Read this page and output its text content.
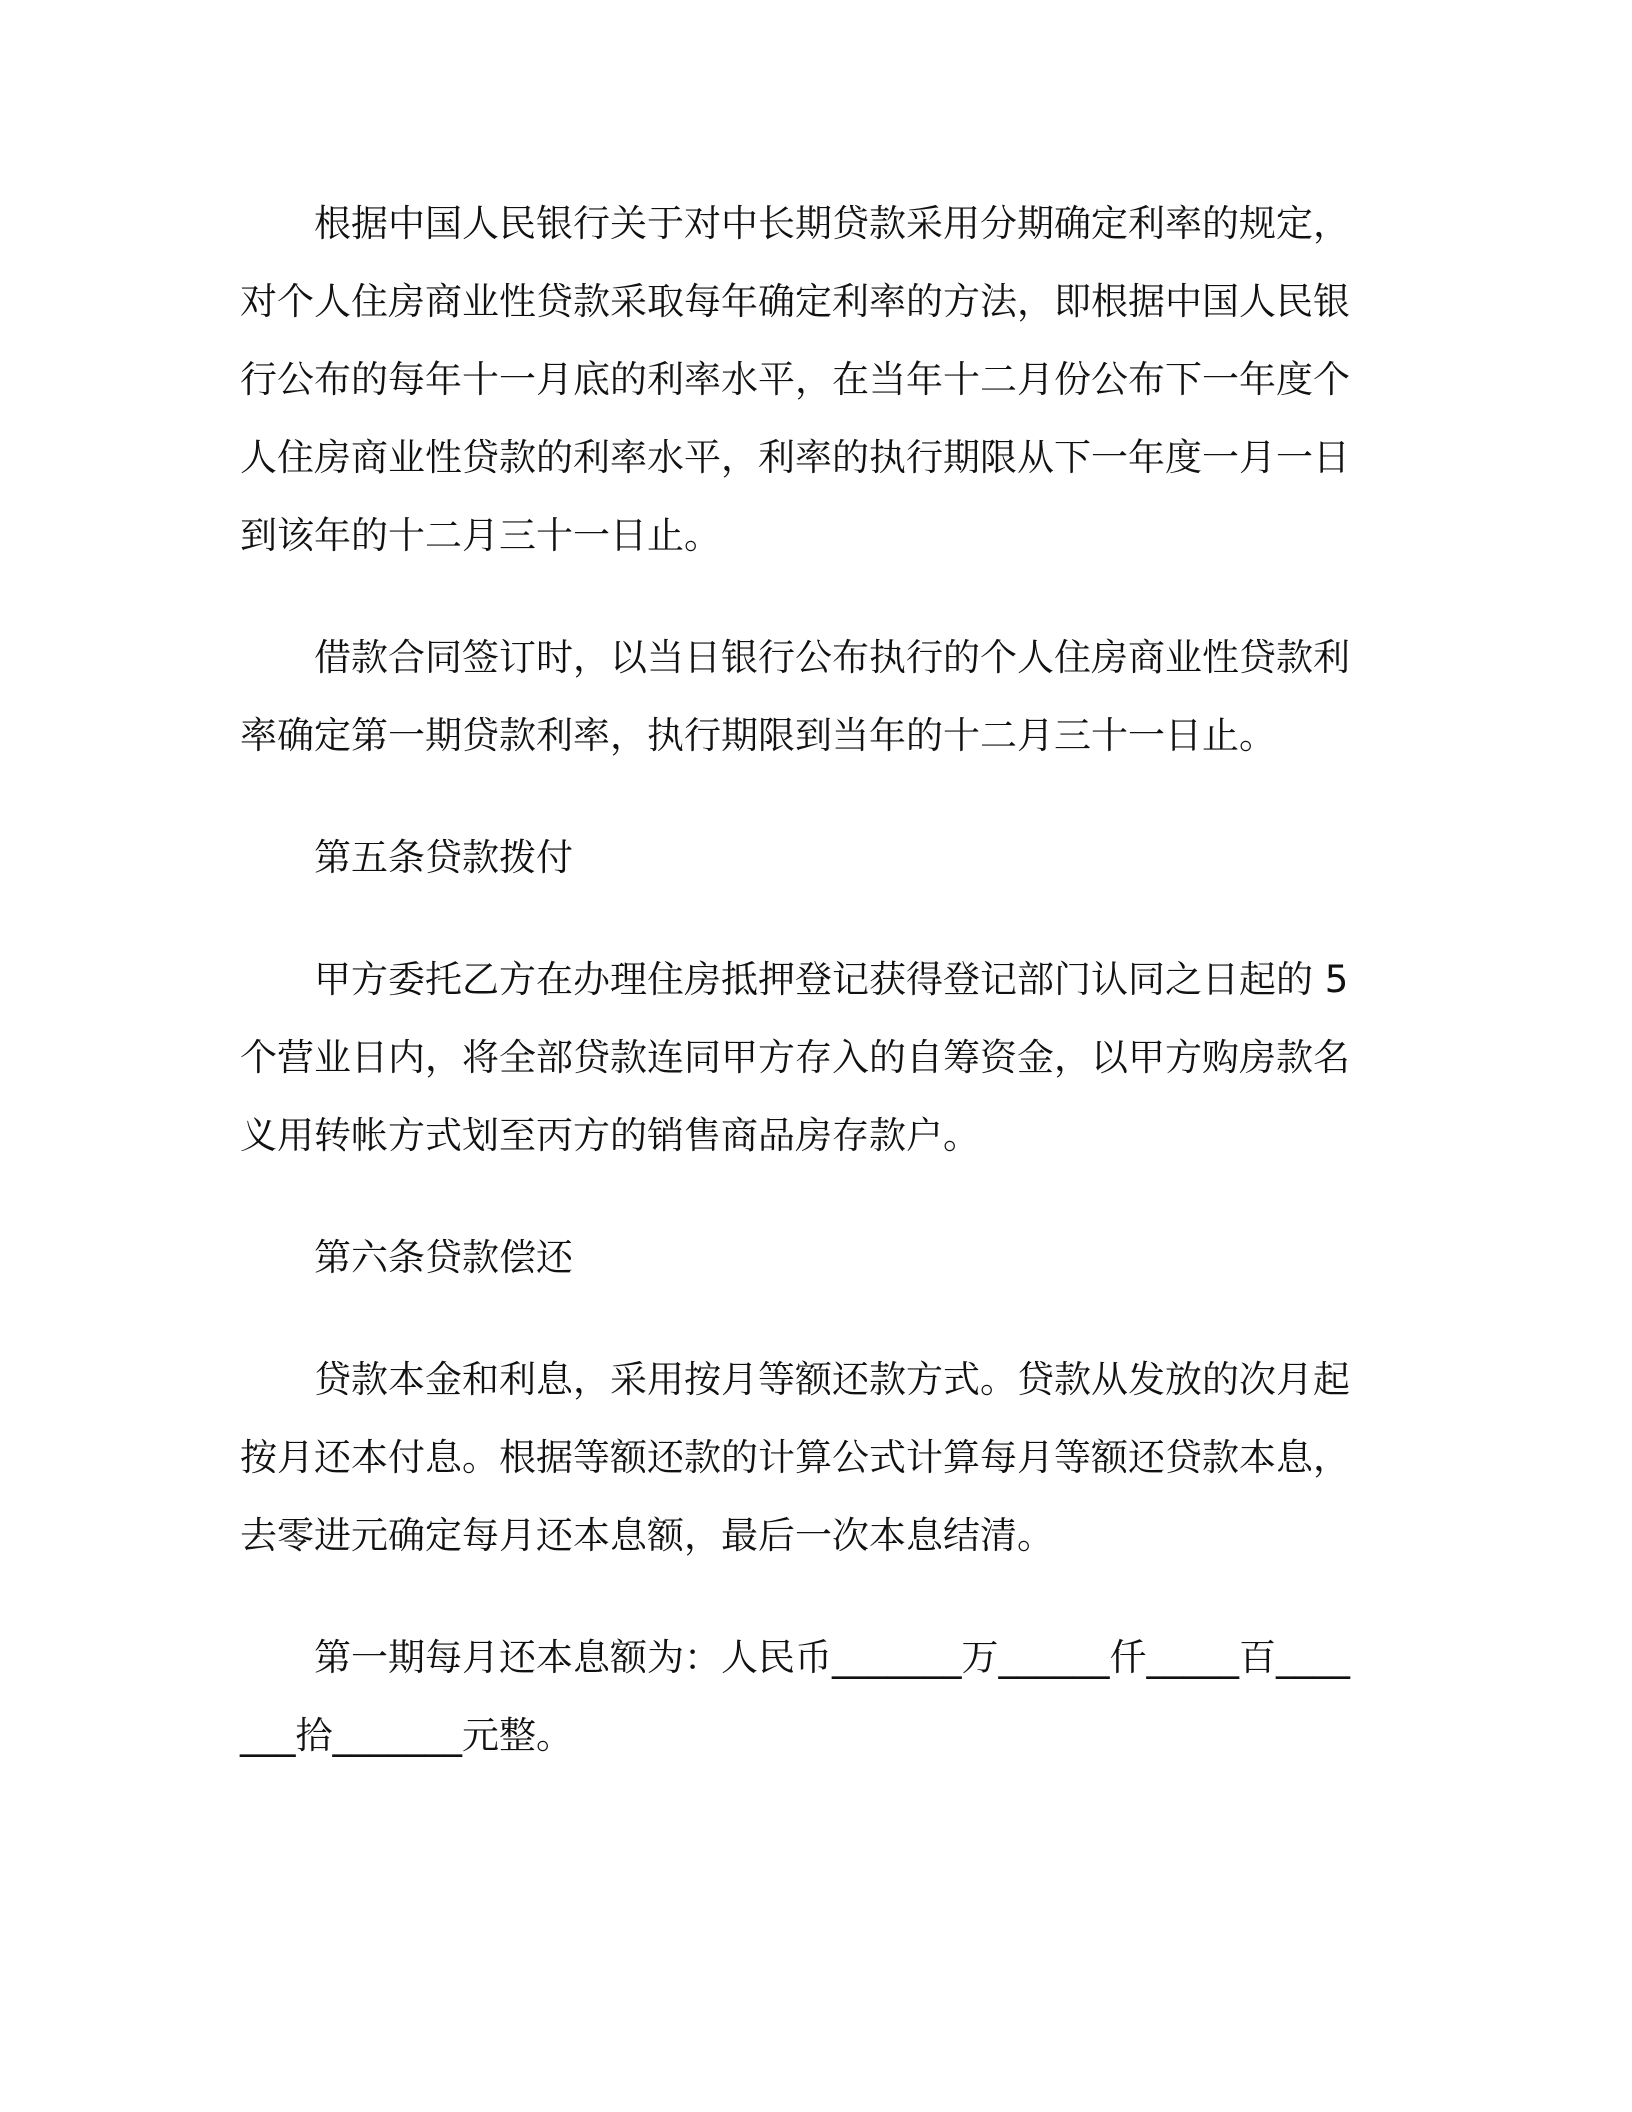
根据中国人民银行关于对中长期贷款采用分期确定利率的规定，对个人住房商业性贷款采取每年确定利率的方法，即根据中国人民银行公布的每年十一月底的利率水平，在当年十二月份公布下一年度个人住房商业性贷款的利率水平，利率的执行期限从下一年度一月一日到该年的十二月三十一日止。

借款合同签订时，以当日银行公布执行的个人住房商业性贷款利率确定第一期贷款利率，执行期限到当年的十二月三十一日止。

第五条贷款拨付

甲方委托乙方在办理住房抵押登记获得登记部门认同之日起的 5 个营业日内，将全部贷款连同甲方存入的自筹资金，以甲方购房款名义用转帐方式划至丙方的销售商品房存款户。

第六条贷款偿还

贷款本金和利息，采用按月等额还款方式。贷款从发放的次月起按月还本付息。根据等额还款的计算公式计算每月等额还贷款本息，去零进元确定每月还本息额，最后一次本息结清。

第一期每月还本息额为：人民币_______万______仟_____百_______拾_______元整。
